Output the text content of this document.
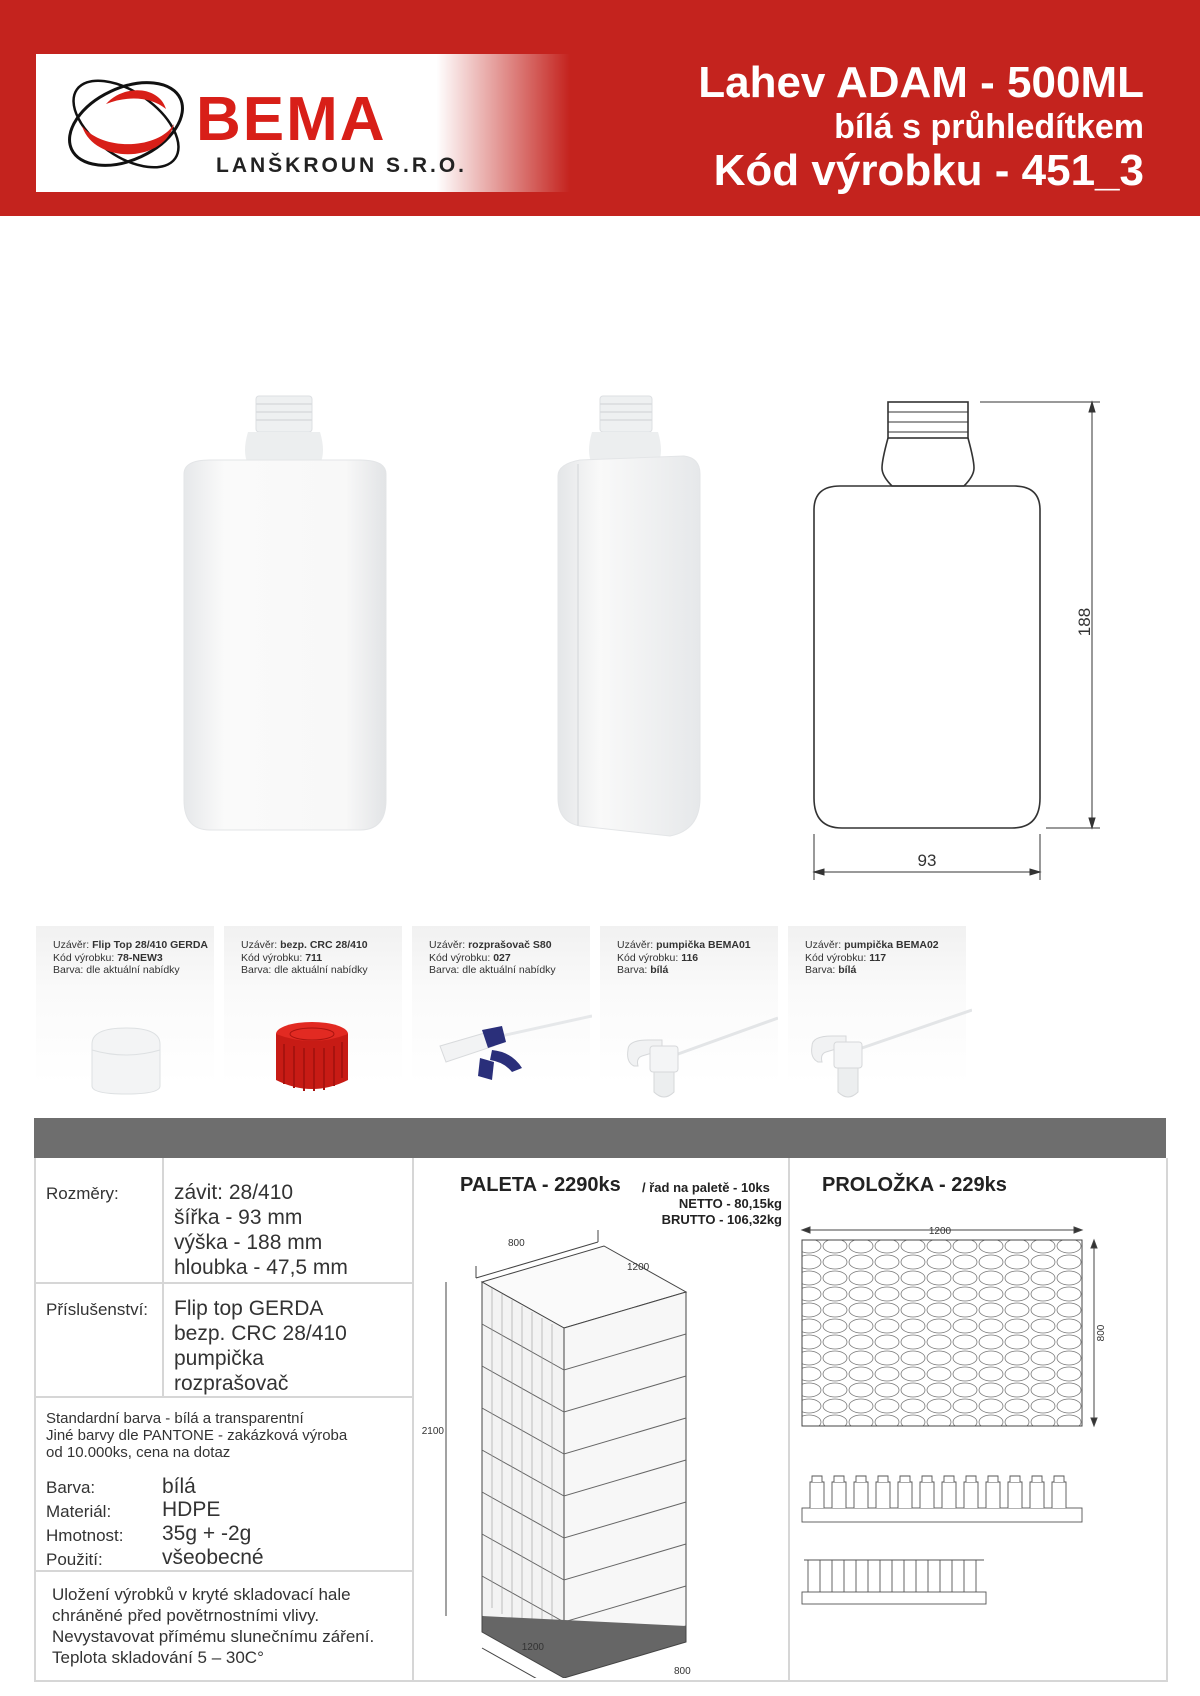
BEMA
LANŠKROUN S.R.O.
Lahev ADAM - 500ML
bílá s průhledítkem
Kód výrobku - 451_3
188
93
Uzávěr: Flip Top 28/410 GERDA
Kód výrobku: 78-NEW3
Barva: dle aktuální nabídky
Uzávěr: bezp. CRC 28/410
Kód výrobku: 711
Barva: dle aktuální nabídky
Uzávěr: rozprašovač S80
Kód výrobku: 027
Barva: dle aktuální nabídky
Uzávěr: pumpička BEMA01
Kód výrobku: 116
Barva: bílá
Uzávěr: pumpička BEMA02
Kód výrobku: 117
Barva: bílá
Rozměry:	závit: 28/410
šířka - 93 mm
výška - 188 mm
hloubka - 47,5 mm
Příslušenství: Flip top GERDA
bezp. CRC 28/410
pumpička
rozprašovač
Standardní barva - bílá a transparentní
Jiné barvy dle PANTONE - zakázková výroba
od 10.000ks, cena na dotaz
Barva:	bílá
Materiál: HDPE
Hmotnost: 35g + -2g
Použití:	všeobecné
Uložení výrobků v kryté skladovací hale
chráněné před povětrnostními vlivy.
Nevystavovat přímému slunečnímu záření.
Teplota skladování 5 – 30C°
PALETA - 2290ks / řad na paletě - 10ks
NETTO - 80,15kg
BRUTTO - 106,32kg
800
1200
2100
1200
800
PROLOŽKA - 229ks
1200
800
